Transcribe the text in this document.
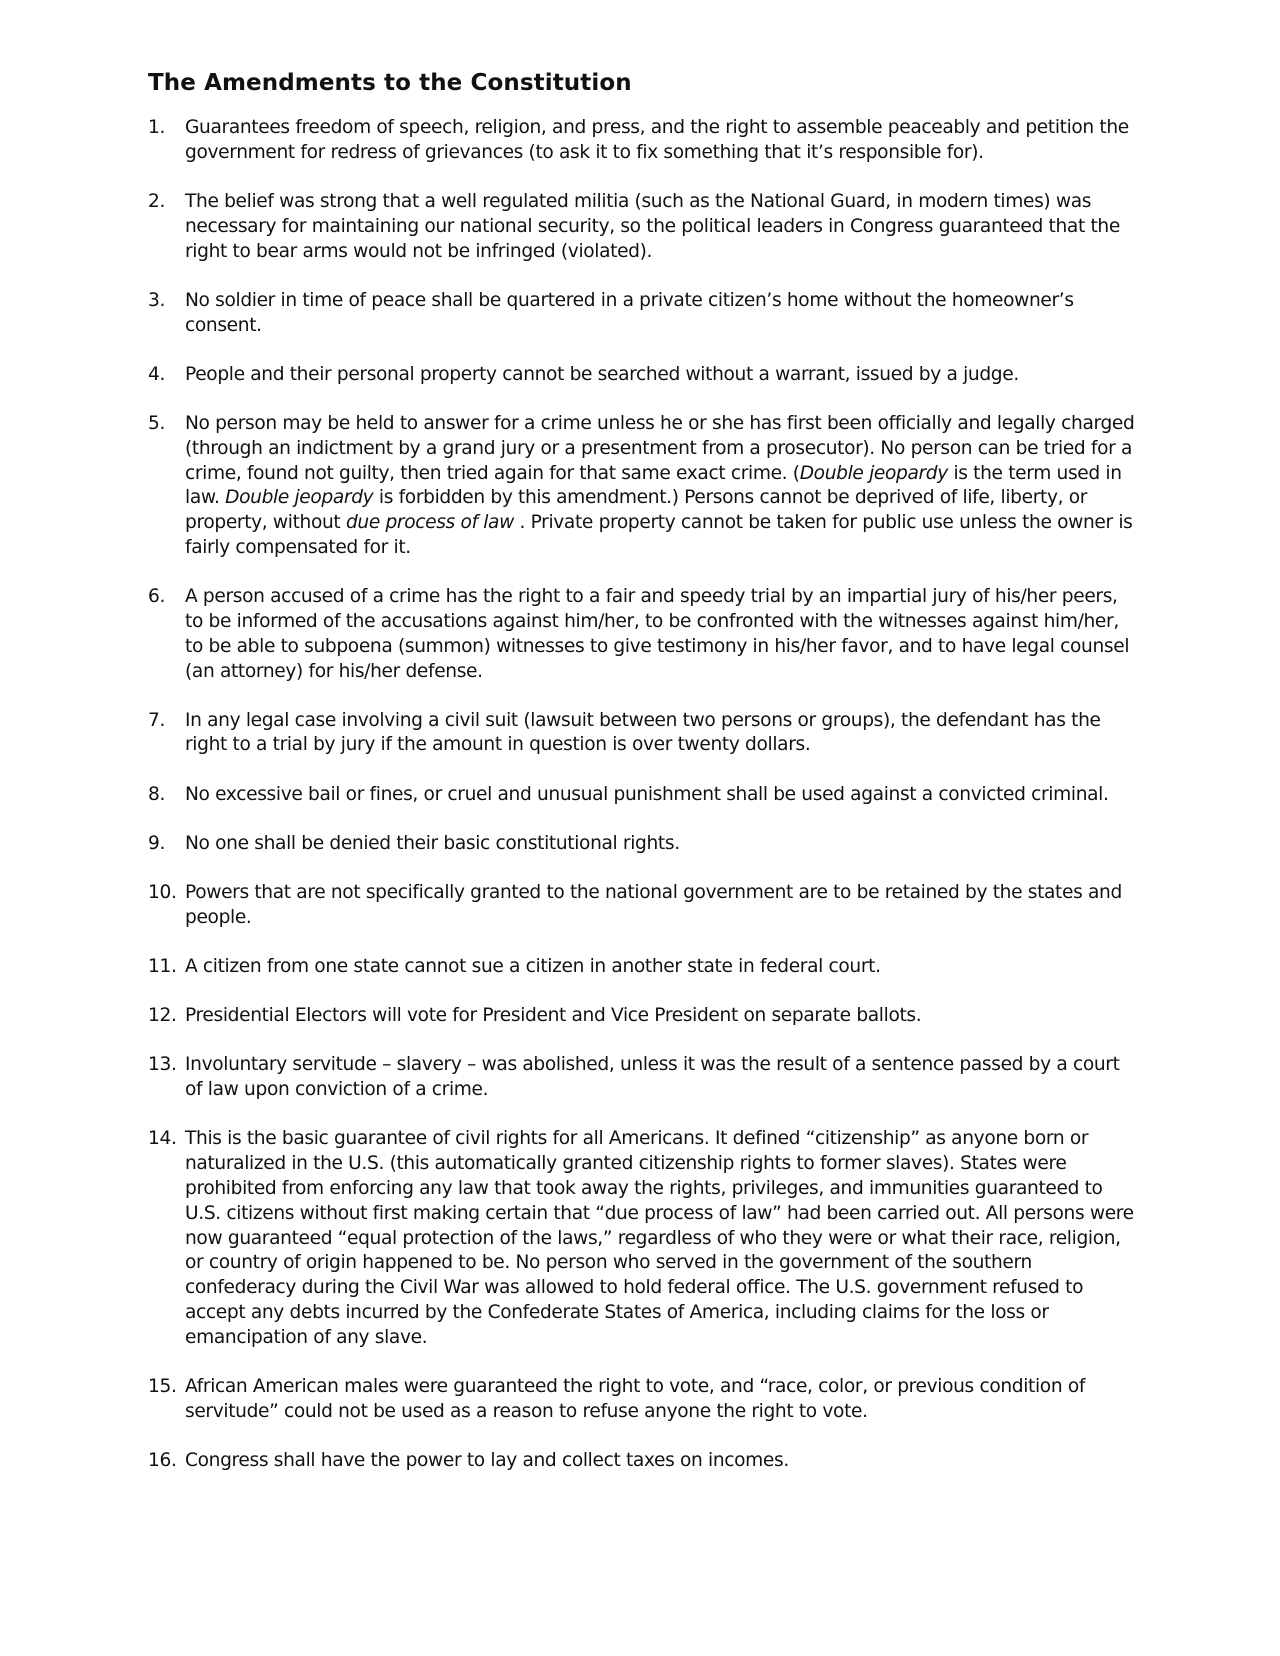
The Amendments to the Constitution
1.	Guarantees freedom of speech, religion, and press, and the right to assemble peaceably and petition the government for redress of grievances (to ask it to fix something that it’s responsible for).
2.	The belief was strong that a well regulated militia (such as the National Guard, in modern times) was necessary for maintaining our national security, so the political leaders in Congress guaranteed that the right to bear arms would not be infringed (violated).
3.	No soldier in time of peace shall be quartered in a private citizen’s home without the homeowner’s consent.
4.	People and their personal property cannot be searched without a warrant, issued by a judge.
5.	No person may be held to answer for a crime unless he or she has first been officially and legally charged (through an indictment by a grand jury or a presentment from a prosecutor). No person can be tried for a crime, found not guilty, then tried again for that same exact crime. (Double jeopardy is the term used in law. Double jeopardy is forbidden by this amendment.) Persons cannot be deprived of life, liberty, or property, without due process of law . Private property cannot be taken for public use unless the owner is fairly compensated for it.
6.	A person accused of a crime has the right to a fair and speedy trial by an impartial jury of his/her peers, to be informed of the accusations against him/her, to be confronted with the witnesses against him/her, to be able to subpoena (summon) witnesses to give testimony in his/her favor, and to have legal counsel (an attorney) for his/her defense.
7.	In any legal case involving a civil suit (lawsuit between two persons or groups), the defendant has the right to a trial by jury if the amount in question is over twenty dollars.
8.	No excessive bail or fines, or cruel and unusual punishment shall be used against a convicted criminal.
9.	No one shall be denied their basic constitutional rights.
10. Powers that are not specifically granted to the national government are to be retained by the states and people.
11. A citizen from one state cannot sue a citizen in another state in federal court.
12. Presidential Electors will vote for President and Vice President on separate ballots.
13. Involuntary servitude – slavery – was abolished, unless it was the result of a sentence passed by a court of law upon conviction of a crime.
14. This is the basic guarantee of civil rights for all Americans. It defined “citizenship” as anyone born or naturalized in the U.S. (this automatically granted citizenship rights to former slaves). States were prohibited from enforcing any law that took away the rights, privileges, and immunities guaranteed to U.S. citizens without first making certain that “due process of law” had been carried out. All persons were now guaranteed “equal protection of the laws,” regardless of who they were or what their race, religion, or country of origin happened to be. No person who served in the government of the southern confederacy during the Civil War was allowed to hold federal office. The U.S. government refused to accept any debts incurred by the Confederate States of America, including claims for the loss or emancipation of any slave.
15. African American males were guaranteed the right to vote, and “race, color, or previous condition of servitude” could not be used as a reason to refuse anyone the right to vote.
16. Congress shall have the power to lay and collect taxes on incomes.
